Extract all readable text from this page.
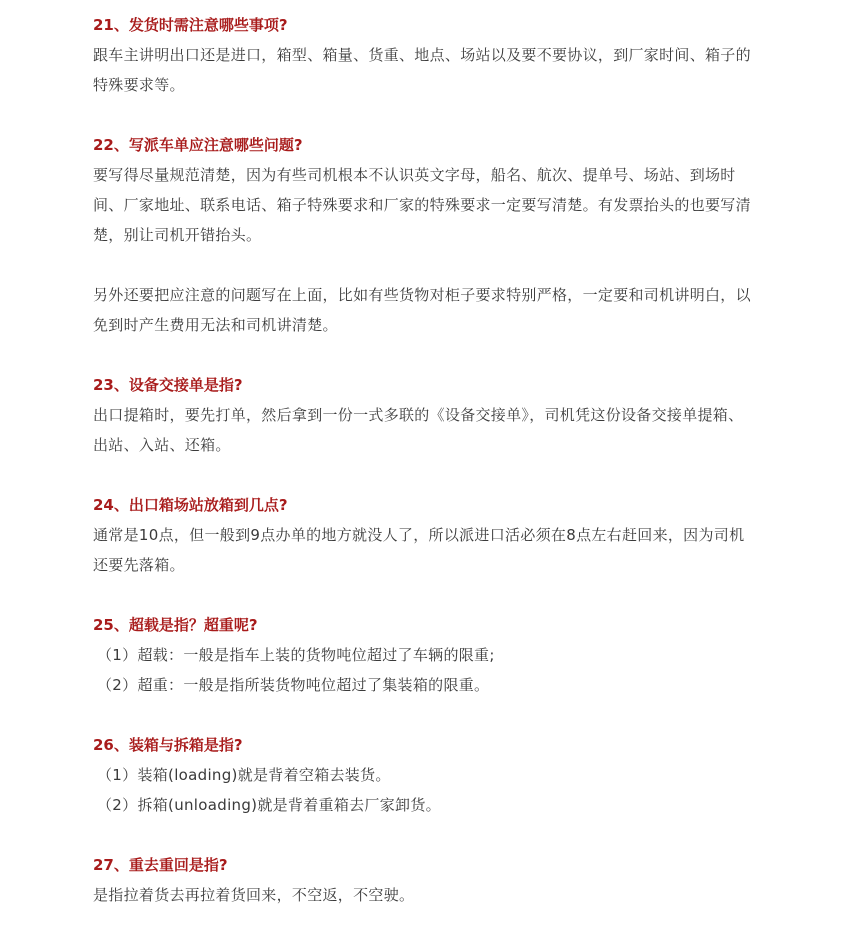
21、发货时需注意哪些事项?

跟车主讲明出口还是进口，箱型、箱量、货重、地点、场站以及要不要协议，到厂家时间、箱子的特殊要求等。

22、写派车单应注意哪些问题?

要写得尽量规范清楚，因为有些司机根本不认识英文字母，船名、航次、提单号、场站、到场时间、厂家地址、联系电话、箱子特殊要求和厂家的特殊要求一定要写清楚。有发票抬头的也要写清楚，别让司机开错抬头。

另外还要把应注意的问题写在上面，比如有些货物对柜子要求特别严格，一定要和司机讲明白，以免到时产生费用无法和司机讲清楚。

23、设备交接单是指?

出口提箱时，要先打单，然后拿到一份一式多联的《设备交接单》，司机凭这份设备交接单提箱、出站、入站、还箱。

24、出口箱场站放箱到几点?

通常是10点，但一般到9点办单的地方就没人了，所以派进口活必须在8点左右赶回来，因为司机还要先落箱。

25、超载是指？超重呢?

（1）超载：一般是指车上装的货物吨位超过了车辆的限重;

（2）超重：一般是指所装货物吨位超过了集装箱的限重。

26、装箱与拆箱是指?

（1）装箱(loading)就是背着空箱去装货。

（2）拆箱(unloading)就是背着重箱去厂家卸货。

27、重去重回是指?

是指拉着货去再拉着货回来，不空返，不空驶。
